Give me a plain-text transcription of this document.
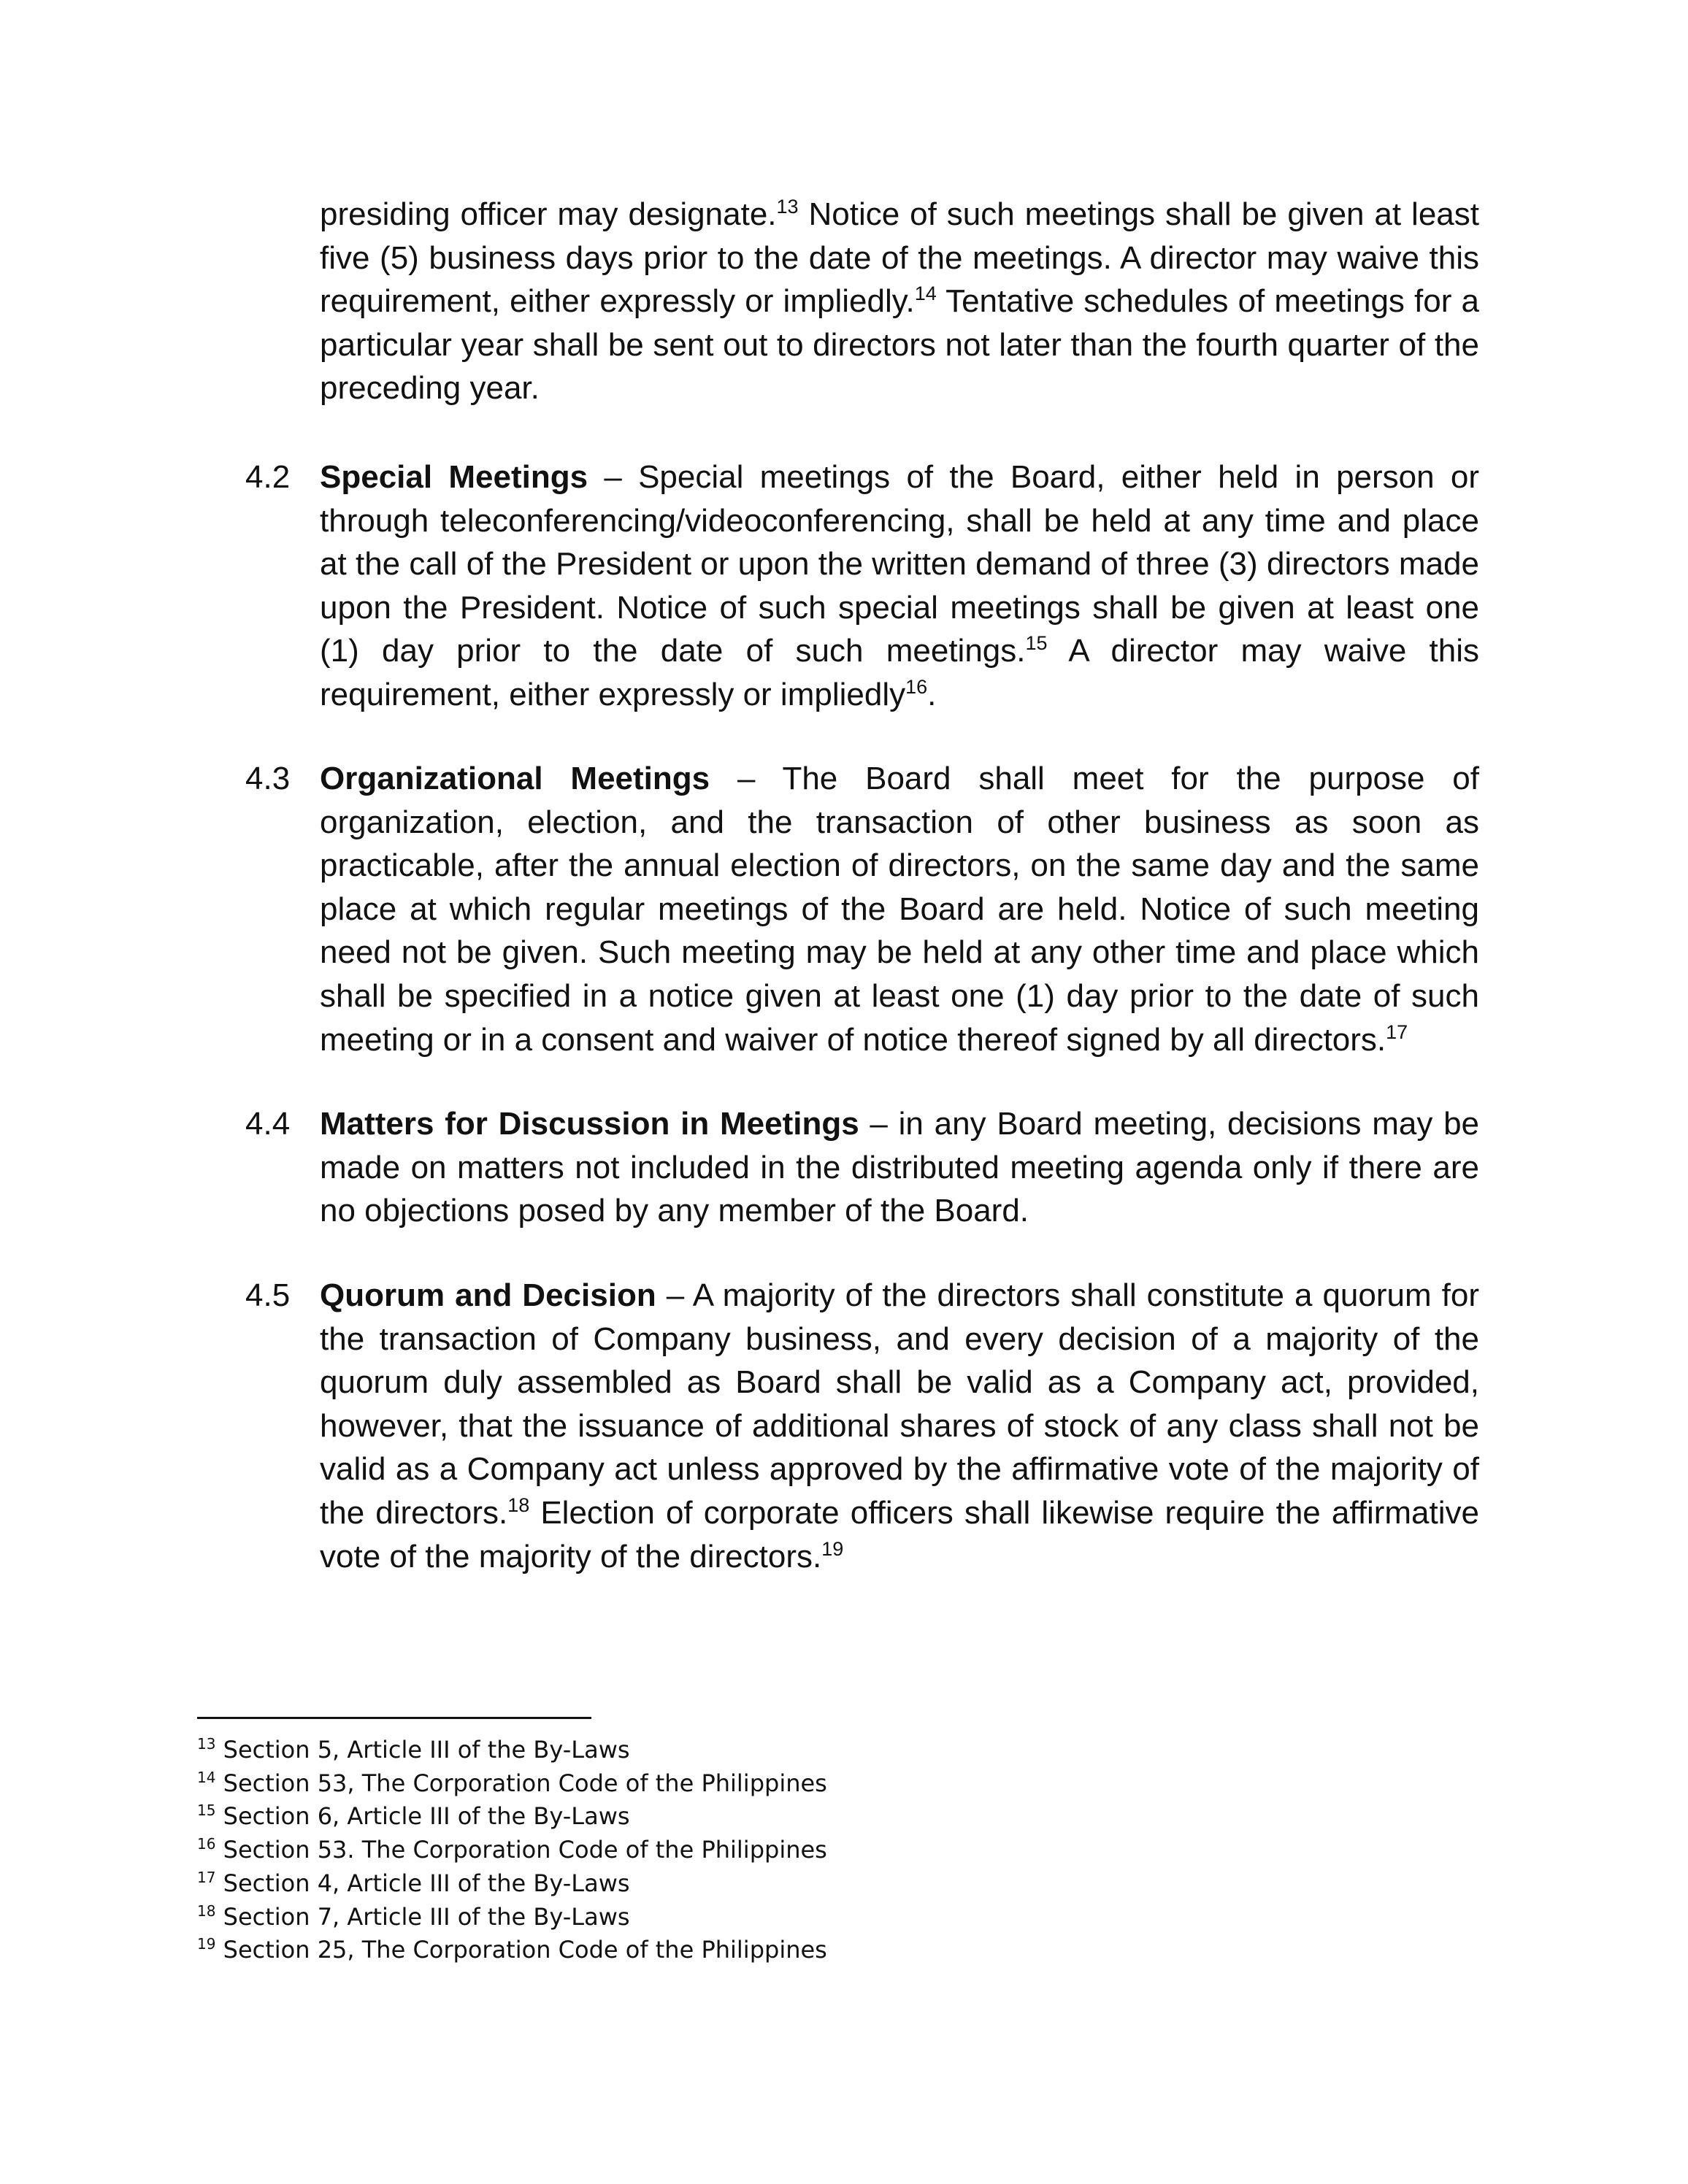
presiding officer may designate.$^{13}$ Notice of such meetings shall be given at least five (5) business days prior to the date of the meetings. A director may waive this requirement, either expressly or impliedly.$^{14}$ Tentative schedules of meetings for a particular year shall be sent out to directors not later than the fourth quarter of the preceding year.

4.2 Special Meetings – Special meetings of the Board, either held in person or through teleconferencing/videoconferencing, shall be held at any time and place at the call of the President or upon the written demand of three (3) directors made upon the President. Notice of such special meetings shall be given at least one (1) day prior to the date of such meetings.$^{15}$ A director may waive this requirement, either expressly or impliedly$^{16}$.

4.3 Organizational Meetings – The Board shall meet for the purpose of organization, election, and the transaction of other business as soon as practicable, after the annual election of directors, on the same day and the same place at which regular meetings of the Board are held. Notice of such meeting need not be given. Such meeting may be held at any other time and place which shall be specified in a notice given at least one (1) day prior to the date of such meeting or in a consent and waiver of notice thereof signed by all directors.$^{17}$

4.4 Matters for Discussion in Meetings – in any Board meeting, decisions may be made on matters not included in the distributed meeting agenda only if there are no objections posed by any member of the Board.

4.5 Quorum and Decision – A majority of the directors shall constitute a quorum for the transaction of Company business, and every decision of a majority of the quorum duly assembled as Board shall be valid as a Company act, provided, however, that the issuance of additional shares of stock of any class shall not be valid as a Company act unless approved by the affirmative vote of the majority of the directors.$^{18}$ Election of corporate officers shall likewise require the affirmative vote of the majority of the directors.$^{19}$

$^{13}$ Section 5, Article III of the By-Laws
$^{14}$ Section 53, The Corporation Code of the Philippines
$^{15}$ Section 6, Article III of the By-Laws
$^{16}$ Section 53. The Corporation Code of the Philippines
$^{17}$ Section 4, Article III of the By-Laws
$^{18}$ Section 7, Article III of the By-Laws
$^{19}$ Section 25, The Corporation Code of the Philippines
